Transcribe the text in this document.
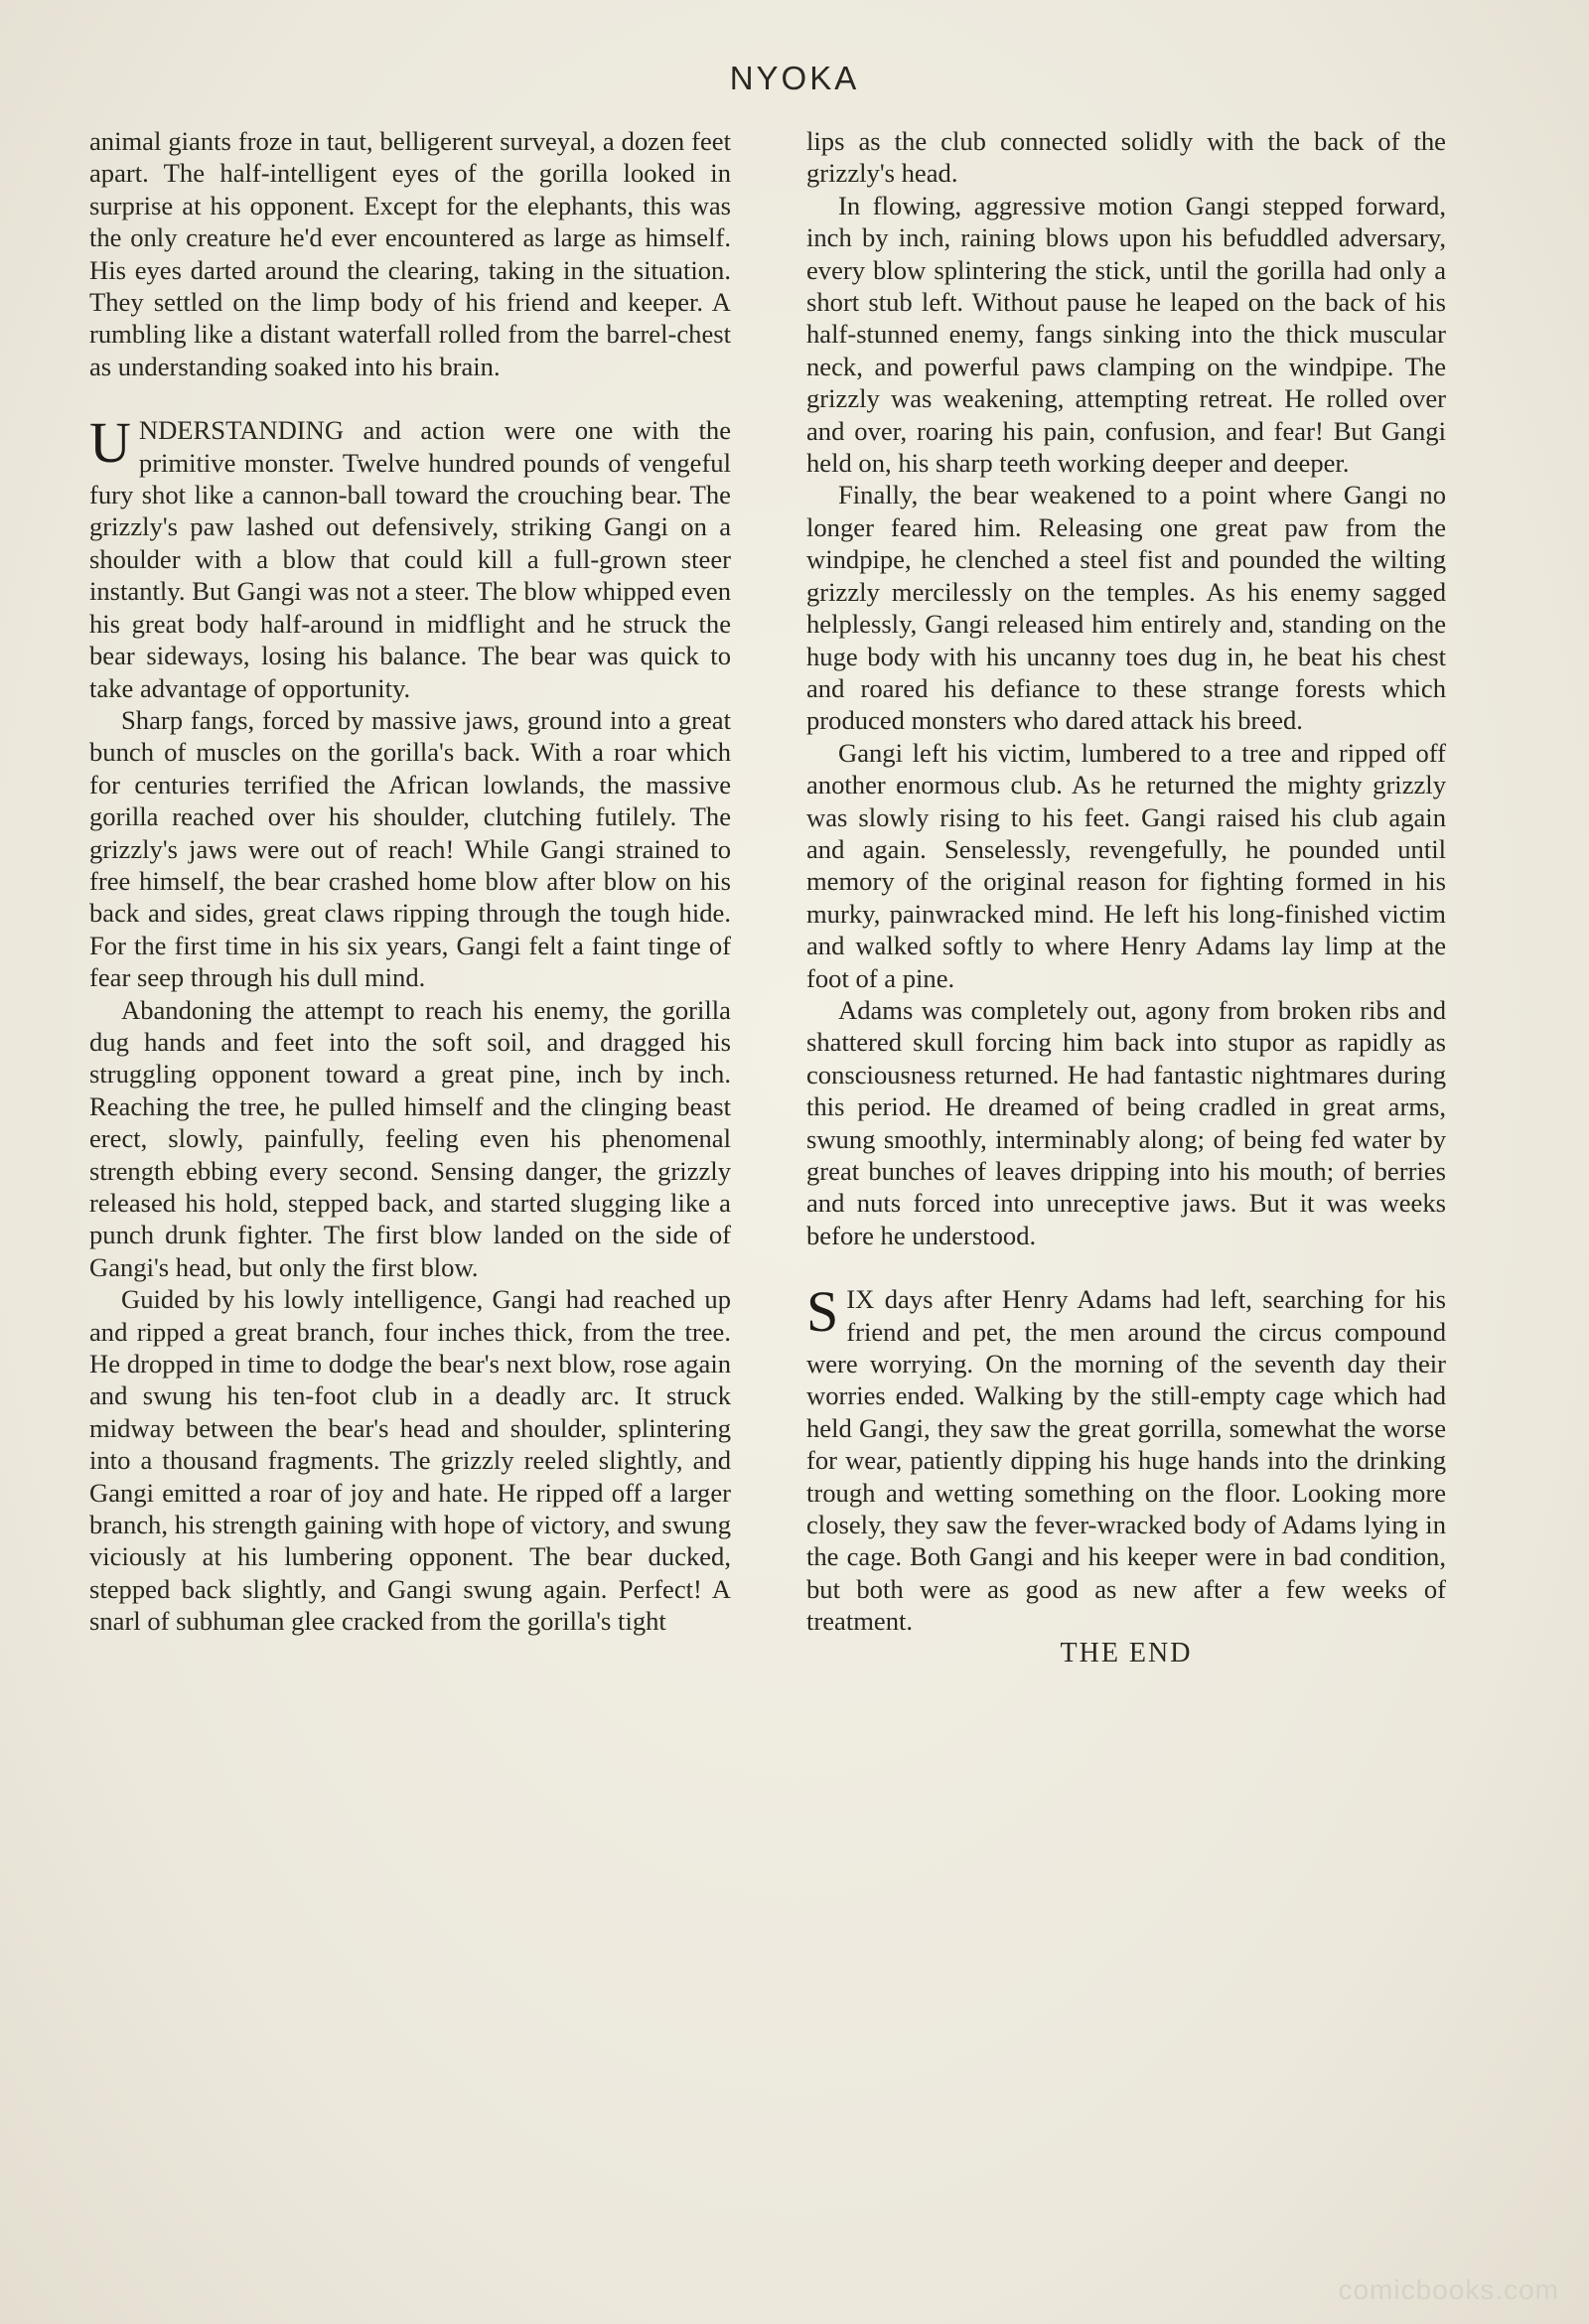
NYOKA

animal giants froze in taut, belligerent surveyal, a dozen feet apart. The half-intelligent eyes of the gorilla looked in surprise at his opponent. Except for the elephants, this was the only creature he'd ever encountered as large as himself. His eyes darted around the clearing, taking in the situation. They settled on the limp body of his friend and keeper. A rumbling like a distant waterfall rolled from the barrel-chest as understanding soaked into his brain.

UNDERSTANDING and action were one with the primitive monster. Twelve hundred pounds of vengeful fury shot like a cannon-ball toward the crouching bear. The grizzly's paw lashed out defensively, striking Gangi on a shoulder with a blow that could kill a full-grown steer instantly. But Gangi was not a steer. The blow whipped even his great body half-around in midflight and he struck the bear sideways, losing his balance. The bear was quick to take advantage of opportunity.

Sharp fangs, forced by massive jaws, ground into a great bunch of muscles on the gorilla's back. With a roar which for centuries terrified the African lowlands, the massive gorilla reached over his shoulder, clutching futilely. The grizzly's jaws were out of reach! While Gangi strained to free himself, the bear crashed home blow after blow on his back and sides, great claws ripping through the tough hide. For the first time in his six years, Gangi felt a faint tinge of fear seep through his dull mind.

Abandoning the attempt to reach his enemy, the gorilla dug hands and feet into the soft soil, and dragged his struggling opponent toward a great pine, inch by inch. Reaching the tree, he pulled himself and the clinging beast erect, slowly, painfully, feeling even his phenomenal strength ebbing every second. Sensing danger, the grizzly released his hold, stepped back, and started slugging like a punch drunk fighter. The first blow landed on the side of Gangi's head, but only the first blow.

Guided by his lowly intelligence, Gangi had reached up and ripped a great branch, four inches thick, from the tree. He dropped in time to dodge the bear's next blow, rose again and swung his ten-foot club in a deadly arc. It struck midway between the bear's head and shoulder, splintering into a thousand fragments. The grizzly reeled slightly, and Gangi emitted a roar of joy and hate. He ripped off a larger branch, his strength gaining with hope of victory, and swung viciously at his lumbering opponent. The bear ducked, stepped back slightly, and Gangi swung again. Perfect! A snarl of subhuman glee cracked from the gorilla's tight

lips as the club connected solidly with the back of the grizzly's head.

In flowing, aggressive motion Gangi stepped forward, inch by inch, raining blows upon his befuddled adversary, every blow splintering the stick, until the gorilla had only a short stub left. Without pause he leaped on the back of his half-stunned enemy, fangs sinking into the thick muscular neck, and powerful paws clamping on the windpipe. The grizzly was weakening, attempting retreat. He rolled over and over, roaring his pain, confusion, and fear! But Gangi held on, his sharp teeth working deeper and deeper.

Finally, the bear weakened to a point where Gangi no longer feared him. Releasing one great paw from the windpipe, he clenched a steel fist and pounded the wilting grizzly mercilessly on the temples. As his enemy sagged helplessly, Gangi released him entirely and, standing on the huge body with his uncanny toes dug in, he beat his chest and roared his defiance to these strange forests which produced monsters who dared attack his breed.

Gangi left his victim, lumbered to a tree and ripped off another enormous club. As he returned the mighty grizzly was slowly rising to his feet. Gangi raised his club again and again. Senselessly, revengefully, he pounded until memory of the original reason for fighting formed in his murky, painwracked mind. He left his long-finished victim and walked softly to where Henry Adams lay limp at the foot of a pine.

Adams was completely out, agony from broken ribs and shattered skull forcing him back into stupor as rapidly as consciousness returned. He had fantastic nightmares during this period. He dreamed of being cradled in great arms, swung smoothly, interminably along; of being fed water by great bunches of leaves dripping into his mouth; of berries and nuts forced into unreceptive jaws. But it was weeks before he understood.

SIX days after Henry Adams had left, searching for his friend and pet, the men around the circus compound were worrying. On the morning of the seventh day their worries ended. Walking by the still-empty cage which had held Gangi, they saw the great gorrilla, somewhat the worse for wear, patiently dipping his huge hands into the drinking trough and wetting something on the floor. Looking more closely, they saw the fever-wracked body of Adams lying in the cage. Both Gangi and his keeper were in bad condition, but both were as good as new after a few weeks of treatment.

THE END

comicbooks.com
